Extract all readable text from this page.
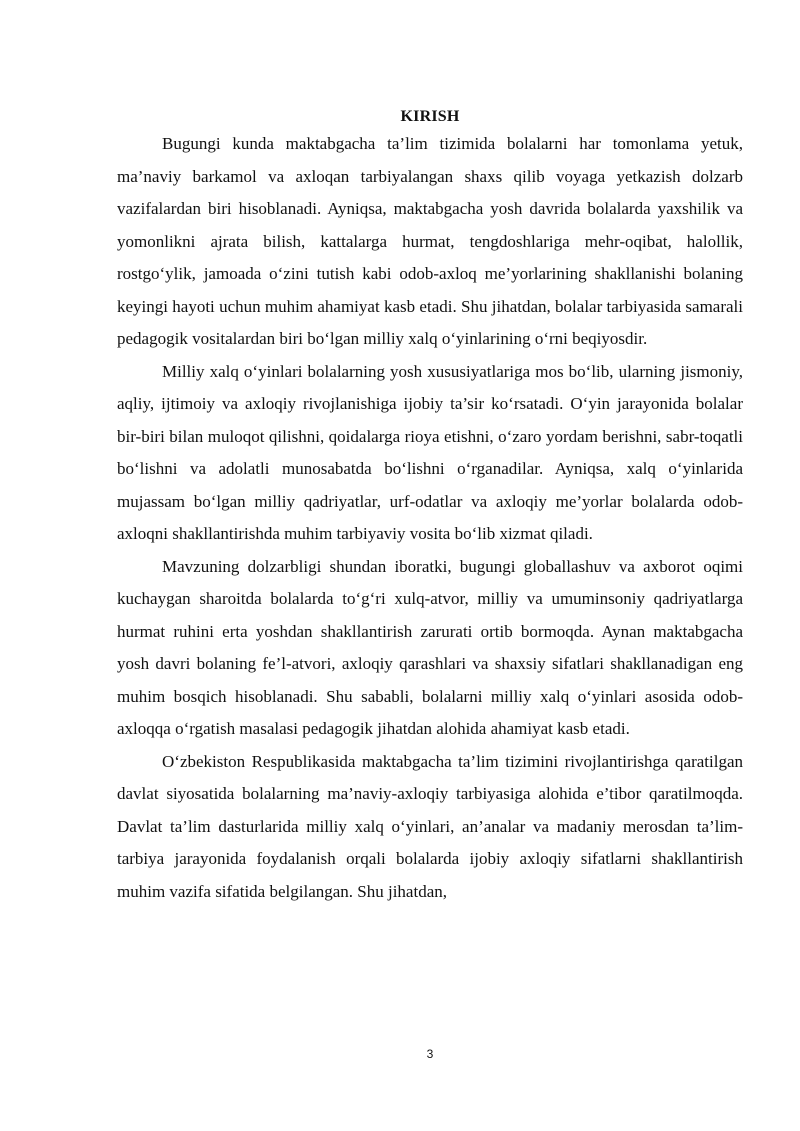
KIRISH

Bugungi kunda maktabgacha ta’lim tizimida bolalarni har tomonlama yetuk, ma’naviy barkamol va axloqan tarbiyalangan shaxs qilib voyaga yetkazish dolzarb vazifalardan biri hisoblanadi. Ayniqsa, maktabgacha yosh davrida bolalarda yaxshilik va yomonlikni ajrata bilish, kattalarga hurmat, tengdoshlariga mehr-oqibat, halollik, rostgo‘ylik, jamoada o‘zini tutish kabi odob-axloq me’yorlarining shakllanishi bolaning keyingi hayoti uchun muhim ahamiyat kasb etadi. Shu jihatdan, bolalar tarbiyasida samarali pedagogik vositalardan biri bo‘lgan milliy xalq o‘yinlarining o‘rni beqiyosdir.

Milliy xalq o‘yinlari bolalarning yosh xususiyatlariga mos bo‘lib, ularning jismoniy, aqliy, ijtimoiy va axloqiy rivojlanishiga ijobiy ta’sir ko‘rsatadi. O‘yin jarayonida bolalar bir-biri bilan muloqot qilishni, qoidalarga rioya etishni, o‘zaro yordam berishni, sabr-toqatli bo‘lishni va adolatli munosabatda bo‘lishni o‘rganadilar. Ayniqsa, xalq o‘yinlarida mujassam bo‘lgan milliy qadriyatlar, urf-odatlar va axloqiy me’yorlar bolalarda odob-axloqni shakllantirishda muhim tarbiyaviy vosita bo‘lib xizmat qiladi.

Mavzuning dolzarbligi shundan iboratki, bugungi globallashuv va axborot oqimi kuchaygan sharoitda bolalarda to‘g‘ri xulq-atvor, milliy va umuminsoniy qadriyatlarga hurmat ruhini erta yoshdan shakllantirish zarurati ortib bormoqda. Aynan maktabgacha yosh davri bolaning fe’l-atvori, axloqiy qarashlari va shaxsiy sifatlari shakllanadigan eng muhim bosqich hisoblanadi. Shu sababli, bolalarni milliy xalq o‘yinlari asosida odob-axloqqa o‘rgatish masalasi pedagogik jihatdan alohida ahamiyat kasb etadi.

O‘zbekiston Respublikasida maktabgacha ta’lim tizimini rivojlantirishga qaratilgan davlat siyosatida bolalarning ma’naviy-axloqiy tarbiyasiga alohida e’tibor qaratilmoqda. Davlat ta’lim dasturlarida milliy xalq o‘yinlari, an’analar va madaniy merosdan ta’lim-tarbiya jarayonida foydalanish orqali bolalarda ijobiy axloqiy sifatlarni shakllantirish muhim vazifa sifatida belgilangan. Shu jihatdan,

3
